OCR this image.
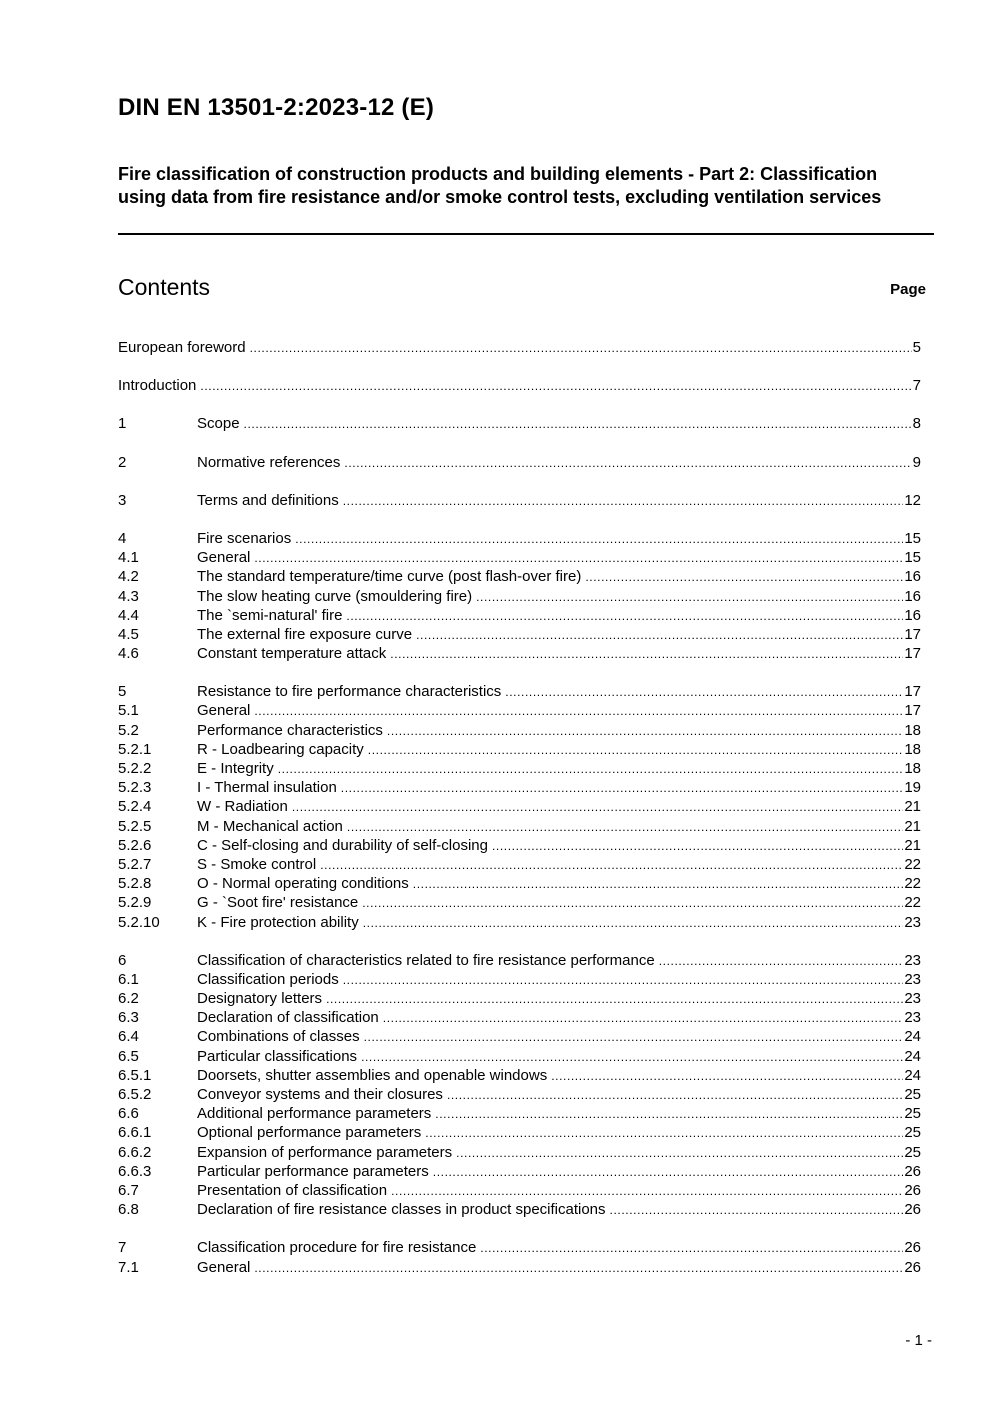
DIN EN 13501-2:2023-12 (E)
Fire classification of construction products and building elements - Part 2: Classification using data from fire resistance and/or smoke control tests, excluding ventilation services
Contents	Page
European foreword .....	5
Introduction .....	7
1	Scope .....	8
2	Normative references .....	9
3	Terms and definitions .....	12
4	Fire scenarios .....	15
4.1	General .....	15
4.2	The standard temperature/time curve (post flash-over fire) .....	16
4.3	The slow heating curve (smouldering fire) .....	16
4.4	The `semi-natural' fire .....	16
4.5	The external fire exposure curve .....	17
4.6	Constant temperature attack .....	17
5	Resistance to fire performance characteristics .....	17
5.1	General .....	17
5.2	Performance characteristics .....	18
5.2.1	R - Loadbearing capacity .....	18
5.2.2	E - Integrity .....	18
5.2.3	I - Thermal insulation .....	19
5.2.4	W - Radiation .....	21
5.2.5	M - Mechanical action .....	21
5.2.6	C - Self-closing and durability of self-closing .....	21
5.2.7	S - Smoke control .....	22
5.2.8	O - Normal operating conditions .....	22
5.2.9	G - `Soot fire' resistance .....	22
5.2.10	K - Fire protection ability .....	23
6	Classification of characteristics related to fire resistance performance .....	23
6.1	Classification periods .....	23
6.2	Designatory letters .....	23
6.3	Declaration of classification .....	23
6.4	Combinations of classes .....	24
6.5	Particular classifications .....	24
6.5.1	Doorsets, shutter assemblies and openable windows .....	24
6.5.2	Conveyor systems and their closures .....	25
6.6	Additional performance parameters .....	25
6.6.1	Optional performance parameters .....	25
6.6.2	Expansion of performance parameters .....	25
6.6.3	Particular performance parameters .....	26
6.7	Presentation of classification .....	26
6.8	Declaration of fire resistance classes in product specifications .....	26
7	Classification procedure for fire resistance .....	26
7.1	General .....	26
- 1 -
